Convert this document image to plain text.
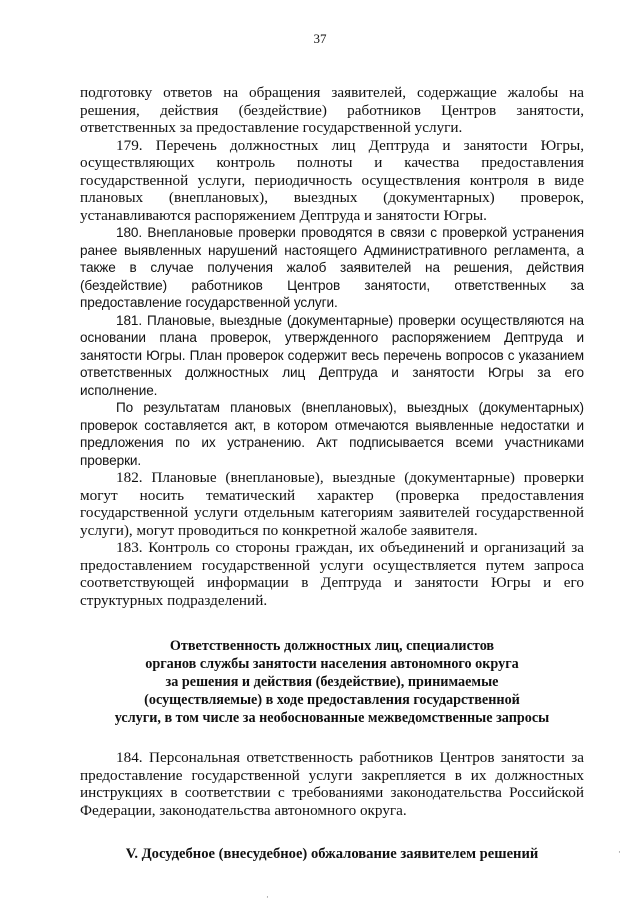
37

подготовку ответов на обращения заявителей, содержащие жалобы на решения, действия (бездействие) работников Центров занятости, ответственных за предоставление государственной услуги.

179. Перечень должностных лиц Дептруда и занятости Югры, осуществляющих контроль полноты и качества предоставления государственной услуги, периодичность осуществления контроля в виде плановых (внеплановых), выездных (документарных) проверок, устанавливаются распоряжением Дептруда и занятости Югры.

180. Внеплановые проверки проводятся в связи с проверкой устранения ранее выявленных нарушений настоящего Административного регламента, а также в случае получения жалоб заявителей на решения, действия (бездействие) работников Центров занятости, ответственных за предоставление государственной услуги.

181. Плановые, выездные (документарные) проверки осуществляются на основании плана проверок, утвержденного распоряжением Дептруда и занятости Югры. План проверок содержит весь перечень вопросов с указанием ответственных должностных лиц Дептруда и занятости Югры за его исполнение.

По результатам плановых (внеплановых), выездных (документарных) проверок составляется акт, в котором отмечаются выявленные недостатки и предложения по их устранению. Акт подписывается всеми участниками проверки.

182. Плановые (внеплановые), выездные (документарные) проверки могут носить тематический характер (проверка предоставления государственной услуги отдельным категориям заявителей государственной услуги), могут проводиться по конкретной жалобе заявителя.

183. Контроль со стороны граждан, их объединений и организаций за предоставлением государственной услуги осуществляется путем запроса соответствующей информации в Дептруда и занятости Югры и его структурных подразделений.

Ответственность должностных лиц, специалистов

органов службы занятости населения автономного округа

за решения и действия (бездействие), принимаемые

(осуществляемые) в ходе предоставления государственной

услуги, в том числе за необоснованные межведомственные запросы

184. Персональная ответственность работников Центров занятости за предоставление государственной услуги закрепляется в их должностных инструкциях в соответствии с требованиями законодательства Российской Федерации, законодательства автономного округа.

V. Досудебное (внесудебное) обжалование заявителем решений

·
·
